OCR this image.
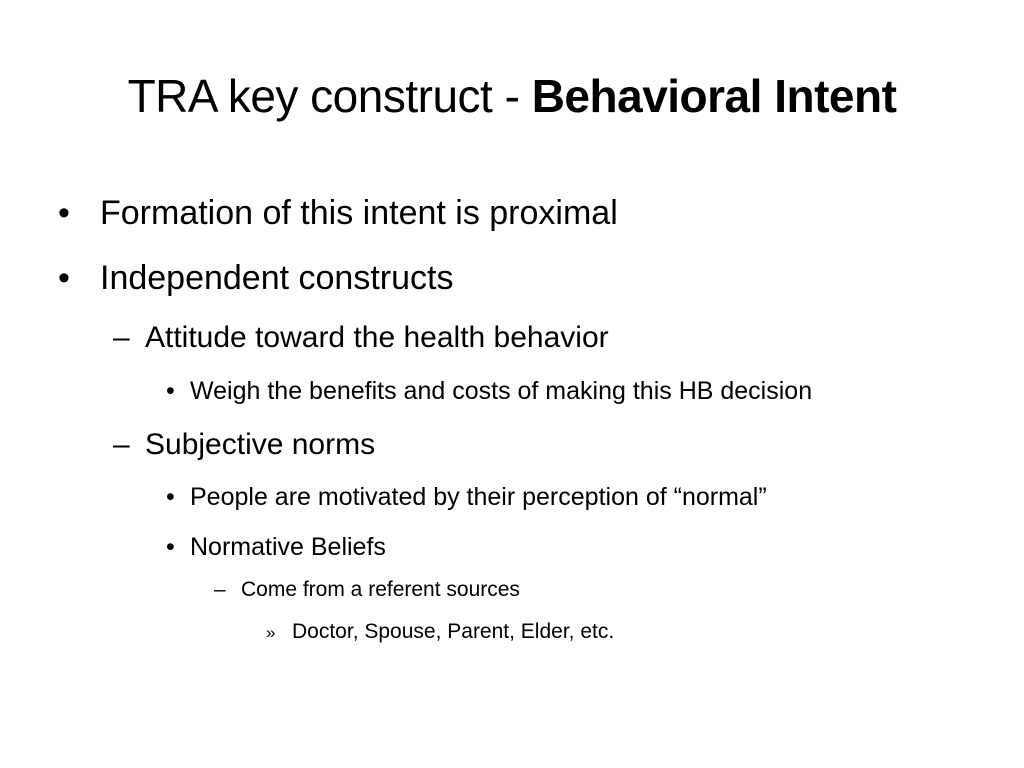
TRA key construct - Behavioral Intent
• Formation of this intent is proximal
• Independent constructs
– Attitude toward the health behavior
• Weigh the benefits and costs of making this HB decision
– Subjective norms
• People are motivated by their perception of “normal”
• Normative Beliefs
– Come from a referent sources
» Doctor, Spouse, Parent, Elder, etc.
